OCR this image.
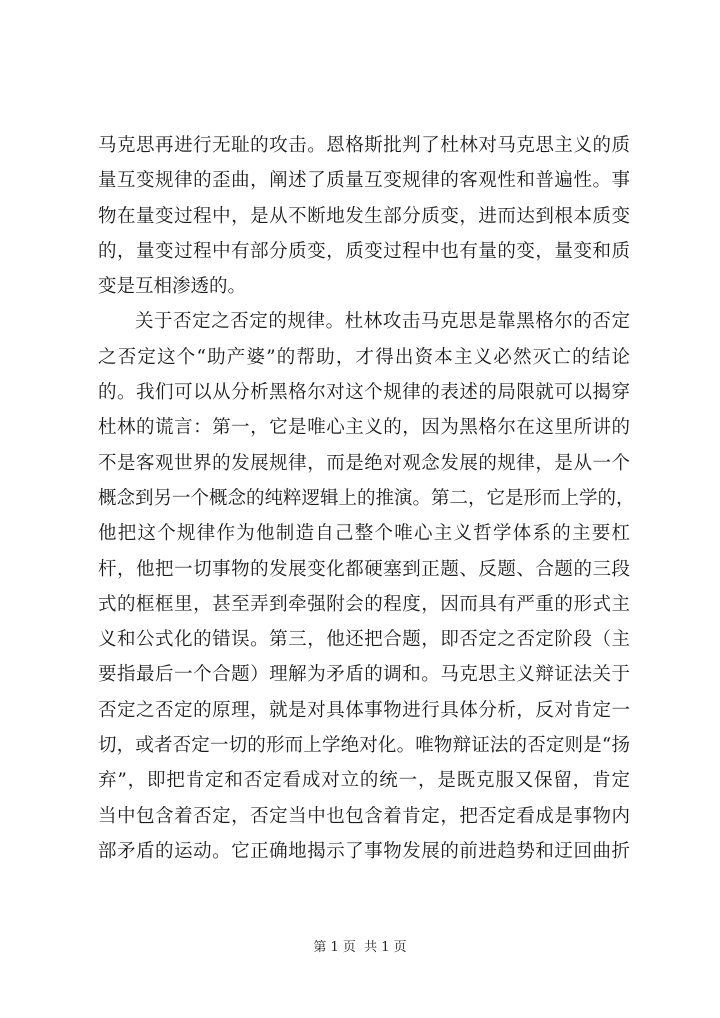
马克思再进行无耻的攻击。恩格斯批判了杜林对马克思主义的质
量互变规律的歪曲，阐述了质量互变规律的客观性和普遍性。事
物在量变过程中，是从不断地发生部分质变，进而达到根本质变
的，量变过程中有部分质变，质变过程中也有量的变，量变和质
变是互相渗透的。
关于否定之否定的规律。杜林攻击马克思是靠黑格尔的否定
之否定这个“助产婆”的帮助，才得出资本主义必然灭亡的结论
的。我们可以从分析黑格尔对这个规律的表述的局限就可以揭穿
杜林的谎言：第一，它是唯心主义的，因为黑格尔在这里所讲的
不是客观世界的发展规律，而是绝对观念发展的规律，是从一个
概念到另一个概念的纯粹逻辑上的推演。第二，它是形而上学的，
他把这个规律作为他制造自己整个唯心主义哲学体系的主要杠
杆，他把一切事物的发展变化都硬塞到正题、反题、合题的三段
式的框框里，甚至弄到牵强附会的程度，因而具有严重的形式主
义和公式化的错误。第三，他还把合题，即否定之否定阶段（主
要指最后一个合题）理解为矛盾的调和。马克思主义辩证法关于
否定之否定的原理，就是对具体事物进行具体分析，反对肯定一
切，或者否定一切的形而上学绝对化。唯物辩证法的否定则是“扬
弃”，即把肯定和否定看成对立的统一，是既克服又保留，肯定
当中包含着否定，否定当中也包含着肯定，把否定看成是事物内
部矛盾的运动。它正确地揭示了事物发展的前进趋势和迂回曲折
第 1 页 共 1 页
